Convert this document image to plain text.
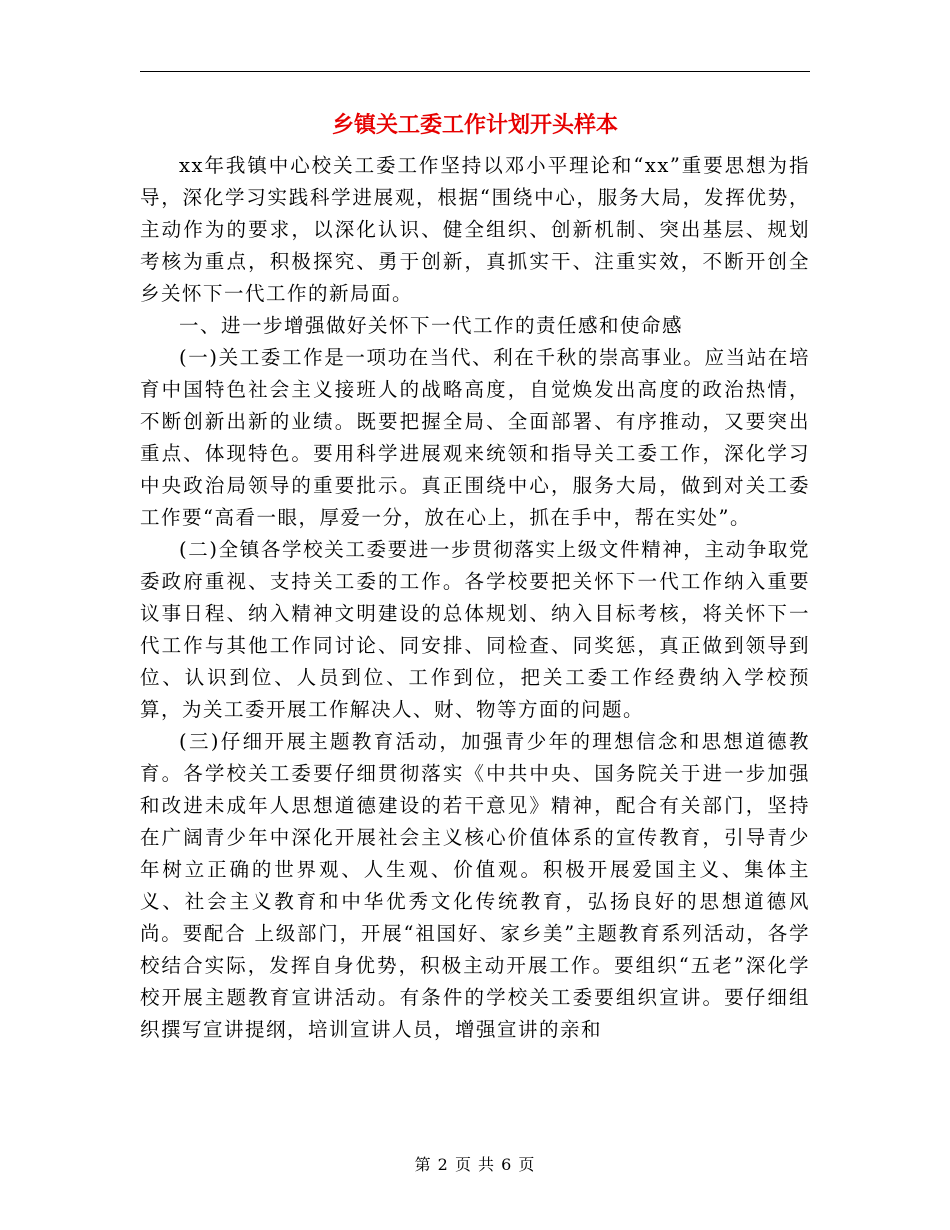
乡镇关工委工作计划开头样本

xx年我镇中心校关工委工作坚持以邓小平理论和“xx”重要思想为指导，深化学习实践科学进展观，根据“围绕中心，服务大局，发挥优势，主动作为的要求，以深化认识、健全组织、创新机制、突出基层、规划考核为重点，积极探究、勇于创新，真抓实干、注重实效，不断开创全乡关怀下一代工作的新局面。

一、进一步增强做好关怀下一代工作的责任感和使命感

(一)关工委工作是一项功在当代、利在千秋的崇高事业。应当站在培育中国特色社会主义接班人的战略高度，自觉焕发出高度的政治热情，不断创新出新的业绩。既要把握全局、全面部署、有序推动，又要突出重点、体现特色。要用科学进展观来统领和指导关工委工作，深化学习中央政治局领导的重要批示。真正围绕中心，服务大局，做到对关工委工作要“高看一眼，厚爱一分，放在心上，抓在手中，帮在实处”。

(二)全镇各学校关工委要进一步贯彻落实上级文件精神，主动争取党委政府重视、支持关工委的工作。各学校要把关怀下一代工作纳入重要议事日程、纳入精神文明建设的总体规划、纳入目标考核，将关怀下一代工作与其他工作同讨论、同安排、同检查、同奖惩，真正做到领导到位、认识到位、人员到位、工作到位，把关工委工作经费纳入学校预算，为关工委开展工作解决人、财、物等方面的问题。

(三)仔细开展主题教育活动，加强青少年的理想信念和思想道德教育。各学校关工委要仔细贯彻落实《中共中央、国务院关于进一步加强和改进未成年人思想道德建设的若干意见》精神，配合有关部门，坚持在广阔青少年中深化开展社会主义核心价值体系的宣传教育，引导青少年树立正确的世界观、人生观、价值观。积极开展爱国主义、集体主义、社会主义教育和中华优秀文化传统教育，弘扬良好的思想道德风尚。要配合 上级部门，开展“祖国好、家乡美”主题教育系列活动，各学校结合实际，发挥自身优势，积极主动开展工作。要组织“五老”深化学校开展主题教育宣讲活动。有条件的学校关工委要组织宣讲。要仔细组织撰写宣讲提纲，培训宣讲人员，增强宣讲的亲和

第 2 页 共 6 页
